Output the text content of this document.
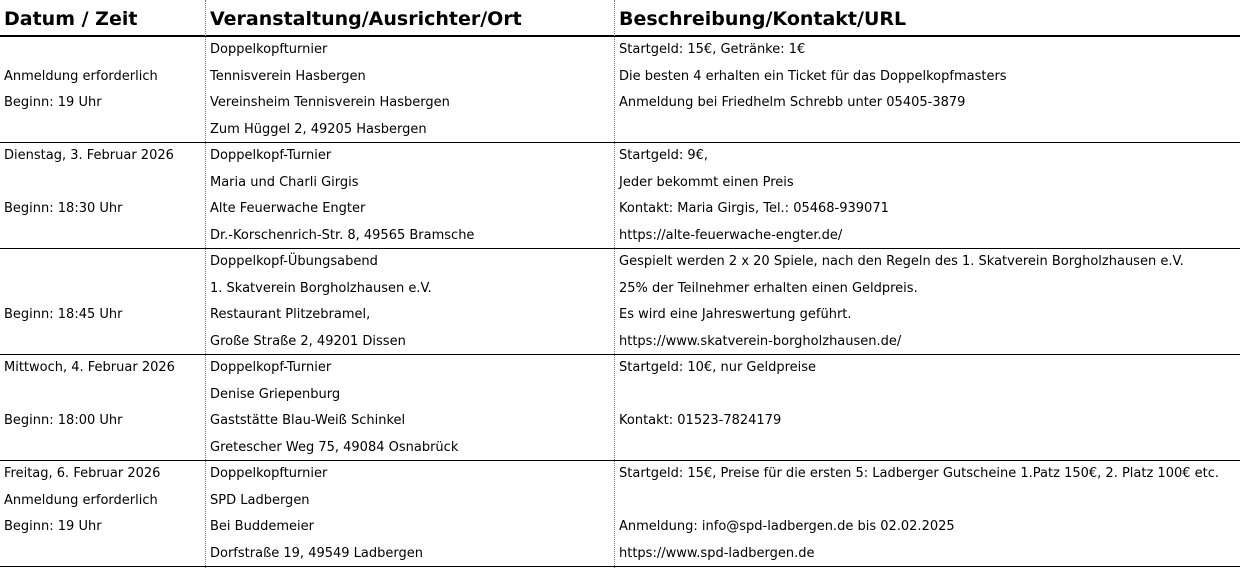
Datum / Zeit	Veranstaltung/Ausrichter/Ort	Beschreibung/Kontakt/URL
Anmeldung erforderlich
Beginn: 19 Uhr
Doppelkopfturnier
Tennisverein Hasbergen
Vereinsheim Tennisverein Hasbergen
Zum Hüggel 2, 49205 Hasbergen
Startgeld: 15€, Getränke: 1€
Die besten 4 erhalten ein Ticket für das Doppelkopfmasters
Anmeldung bei Friedhelm Schrebb unter 05405-3879
Dienstag, 3. Februar 2026
Beginn: 18:30 Uhr
Doppelkopf-Turnier
Maria und Charli Girgis
Alte Feuerwache Engter
Dr.-Korschenrich-Str. 8, 49565 Bramsche
Startgeld: 9€,
Jeder bekommt einen Preis
Kontakt: Maria Girgis, Tel.: 05468-939071
https://alte-feuerwache-engter.de/
Beginn: 18:45 Uhr
Doppelkopf-Übungsabend
1. Skatverein Borgholzhausen e.V.
Restaurant Plitzebramel,
Große Straße 2, 49201 Dissen
Gespielt werden 2 x 20 Spiele, nach den Regeln des 1. Skatverein Borgholzhausen e.V.
25% der Teilnehmer erhalten einen Geldpreis.
Es wird eine Jahreswertung geführt.
https://www.skatverein-borgholzhausen.de/
Mittwoch, 4. Februar 2026
Beginn: 18:00 Uhr
Doppelkopf-Turnier
Denise Griepenburg
Gaststätte Blau-Weiß Schinkel
Gretescher Weg 75, 49084 Osnabrück
Startgeld: 10€, nur Geldpreise
Kontakt: 01523-7824179
Freitag, 6. Februar 2026
Anmeldung erforderlich
Beginn: 19 Uhr
Doppelkopfturnier
SPD Ladbergen
Bei Buddemeier
Dorfstraße 19, 49549 Ladbergen
Startgeld: 15€, Preise für die ersten 5: Ladberger Gutscheine 1.Patz 150€, 2. Platz 100€ etc.
Anmeldung: info@spd-ladbergen.de bis 02.02.2025
https://www.spd-ladbergen.de
